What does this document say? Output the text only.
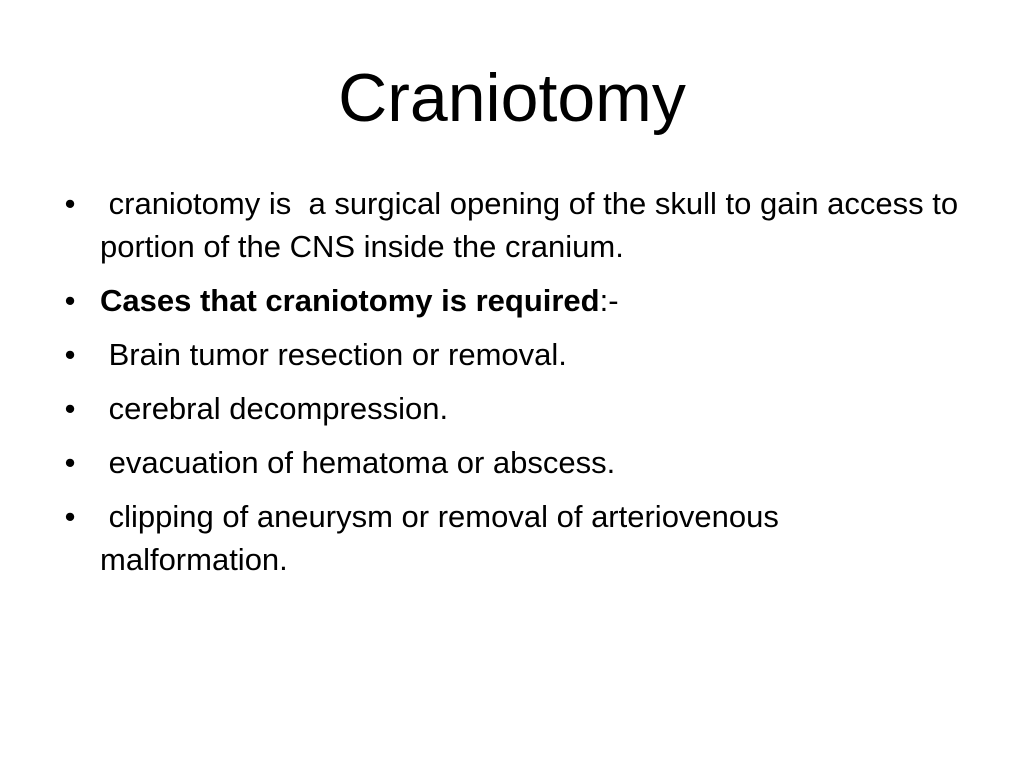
Craniotomy
• craniotomy is  a surgical opening of the skull to gain access to portion of the CNS inside the cranium.
• Cases that craniotomy is required:-
• Brain tumor resection or removal.
• cerebral decompression.
• evacuation of hematoma or abscess.
• clipping of aneurysm or removal of arteriovenous malformation.
